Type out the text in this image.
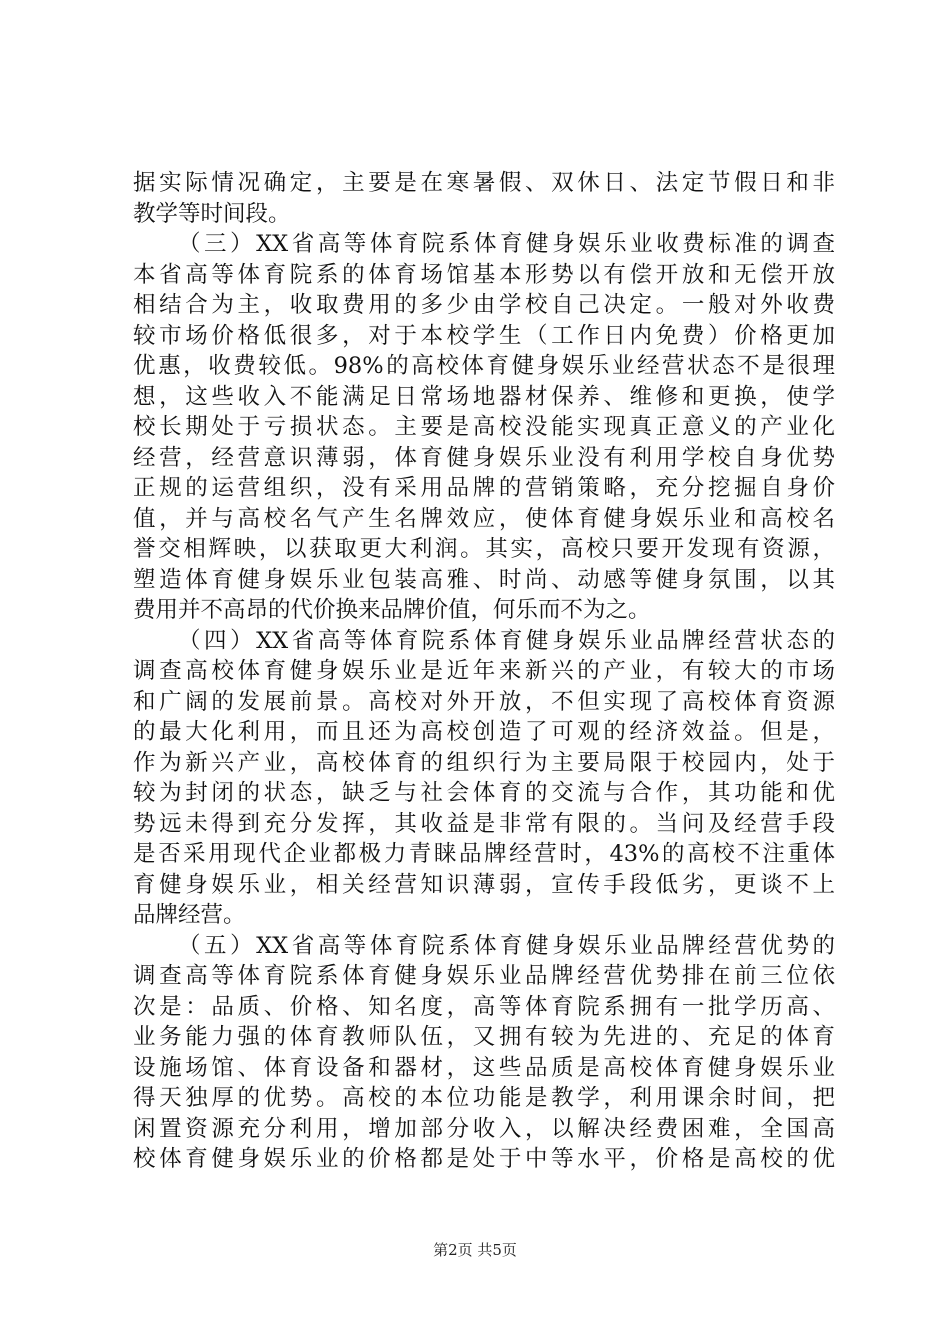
据实际情况确定，主要是在寒暑假、双休日、法定节假日和非
教学等时间段。
（三）XX省高等体育院系体育健身娱乐业收费标准的调查
本省高等体育院系的体育场馆基本形势以有偿开放和无偿开放
相结合为主，收取费用的多少由学校自己决定。一般对外收费
较市场价格低很多，对于本校学生（工作日内免费）价格更加
优惠，收费较低。98%的高校体育健身娱乐业经营状态不是很理
想，这些收入不能满足日常场地器材保养、维修和更换，使学
校长期处于亏损状态。主要是高校没能实现真正意义的产业化
经营，经营意识薄弱，体育健身娱乐业没有利用学校自身优势
正规的运营组织，没有采用品牌的营销策略，充分挖掘自身价
值，并与高校名气产生名牌效应，使体育健身娱乐业和高校名
誉交相辉映，以获取更大利润。其实，高校只要开发现有资源，
塑造体育健身娱乐业包装高雅、时尚、动感等健身氛围，以其
费用并不高昂的代价换来品牌价值，何乐而不为之。
（四）XX省高等体育院系体育健身娱乐业品牌经营状态的
调查高校体育健身娱乐业是近年来新兴的产业，有较大的市场
和广阔的发展前景。高校对外开放，不但实现了高校体育资源
的最大化利用，而且还为高校创造了可观的经济效益。但是，
作为新兴产业，高校体育的组织行为主要局限于校园内，处于
较为封闭的状态，缺乏与社会体育的交流与合作，其功能和优
势远未得到充分发挥，其收益是非常有限的。当问及经营手段
是否采用现代企业都极力青睐品牌经营时，43%的高校不注重体
育健身娱乐业，相关经营知识薄弱，宣传手段低劣，更谈不上
品牌经营。
（五）XX省高等体育院系体育健身娱乐业品牌经营优势的
调查高等体育院系体育健身娱乐业品牌经营优势排在前三位依
次是：品质、价格、知名度，高等体育院系拥有一批学历高、
业务能力强的体育教师队伍，又拥有较为先进的、充足的体育
设施场馆、体育设备和器材，这些品质是高校体育健身娱乐业
得天独厚的优势。高校的本位功能是教学，利用课余时间，把
闲置资源充分利用，增加部分收入，以解决经费困难，全国高
校体育健身娱乐业的价格都是处于中等水平，价格是高校的优
第2页 共5页
